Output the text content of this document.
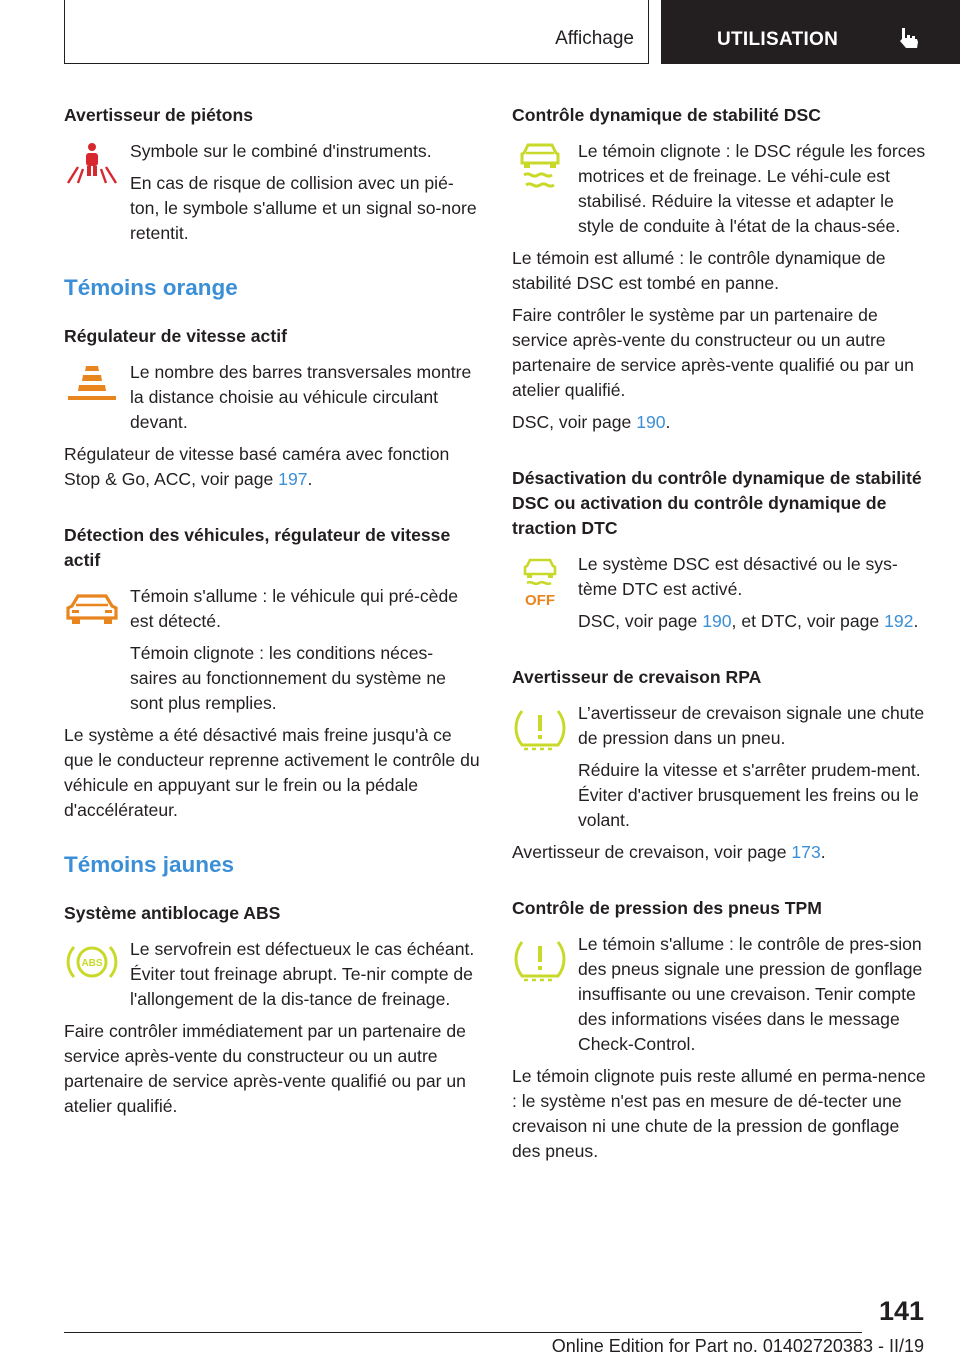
Affichage	UTILISATION
Avertisseur de piétons

Symbole sur le combiné d'instruments.

En cas de risque de collision avec un pié-ton, le symbole s'allume et un signal so-nore retentit.

Témoins orange
Régulateur de vitesse actif

Le nombre des barres transversales montre la distance choisie au véhicule circulant devant.

Régulateur de vitesse basé caméra avec fonction Stop & Go, ACC, voir page 197.

Détection des véhicules, régulateur de vitesse actif

Témoin s'allume : le véhicule qui pré-cède est détecté.

Témoin clignote : les conditions néces-saires au fonctionnement du système ne sont plus remplies.

Le système a été désactivé mais freine jusqu'à ce que le conducteur reprenne activement le contrôle du véhicule en appuyant sur le frein ou la pédale d'accélérateur.

Témoins jaunes
Système antiblocage ABS
ABS

Le servofrein est défectueux le cas échéant. Éviter tout freinage abrupt. Te-nir compte de l'allongement de la dis-tance de freinage.

Faire contrôler immédiatement par un partenaire de service après-vente du constructeur ou un autre partenaire de service après-vente qualifié ou par un atelier qualifié.

Contrôle dynamique de stabilité DSC

Le témoin clignote : le DSC régule les forces motrices et de freinage. Le véhi-cule est stabilisé. Réduire la vitesse et adapter le style de conduite à l'état de la chaus-sée.

Le témoin est allumé : le contrôle dynamique de stabilité DSC est tombé en panne.

Faire contrôler le système par un partenaire de service après-vente du constructeur ou un autre partenaire de service après-vente qualifié ou par un atelier qualifié.

DSC, voir page 190.

Désactivation du contrôle dynamique de stabilité DSC ou activation du contrôle dynamique de traction DTC
OFF

Le système DSC est désactivé ou le sys-tème DTC est activé.

DSC, voir page 190, et DTC, voir page 192.

Avertisseur de crevaison RPA

L’avertisseur de crevaison signale une chute de pression dans un pneu.

Réduire la vitesse et s'arrêter prudem-ment. Éviter d'activer brusquement les freins ou le volant.

Avertisseur de crevaison, voir page 173.

Contrôle de pression des pneus TPM

Le témoin s'allume : le contrôle de pres-sion des pneus signale une pression de gonflage insuffisante ou une crevaison. Tenir compte des informations visées dans le message Check-Control.

Le témoin clignote puis reste allumé en perma-nence : le système n'est pas en mesure de dé-tecter une crevaison ni une chute de la pression de gonflage des pneus.

141
Online Edition for Part no. 01402720383 - II/19
